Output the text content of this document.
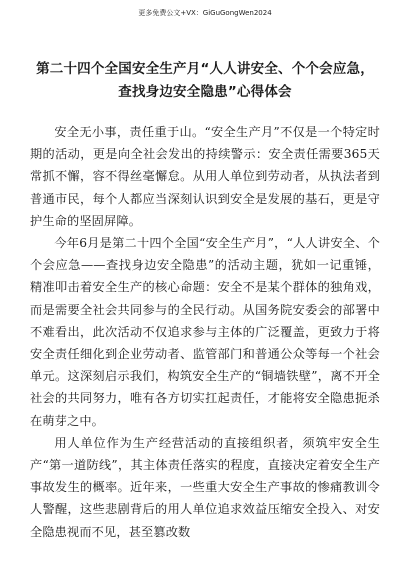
更多免费公文+VX：GiGuGongWen2024
第二十四个全国安全生产月“人人讲安全、个个会应急，
查找身边安全隐患”心得体会

安全无小事，责任重于山。“安全生产月”不仅是一个特定时期的活动，更是向全社会发出的持续警示：安全责任需要365天常抓不懈，容不得丝毫懈怠。从用人单位到劳动者，从执法者到普通市民，每个人都应当深刻认识到安全是发展的基石，更是守护生命的坚固屏障。

今年6月是第二十四个全国“安全生产月”，“人人讲安全、个个会应急——查找身边安全隐患”的活动主题，犹如一记重锤，精准叩击着安全生产的核心命题：安全不是某个群体的独角戏，而是需要全社会共同参与的全民行动。从国务院安委会的部署中不难看出，此次活动不仅追求参与主体的广泛覆盖，更致力于将安全责任细化到企业劳动者、监管部门和普通公众等每一个社会单元。这深刻启示我们，构筑安全生产的“铜墙铁壁”，离不开全社会的共同努力，唯有各方切实扛起责任，才能将安全隐患扼杀在萌芽之中。

用人单位作为生产经营活动的直接组织者，须筑牢安全生产“第一道防线”，其主体责任落实的程度，直接决定着安全生产事故发生的概率。近年来，一些重大安全生产事故的惨痛教训令人警醒，这些悲剧背后的用人单位追求效益压缩安全投入、对安全隐患视而不见，甚至篡改数
